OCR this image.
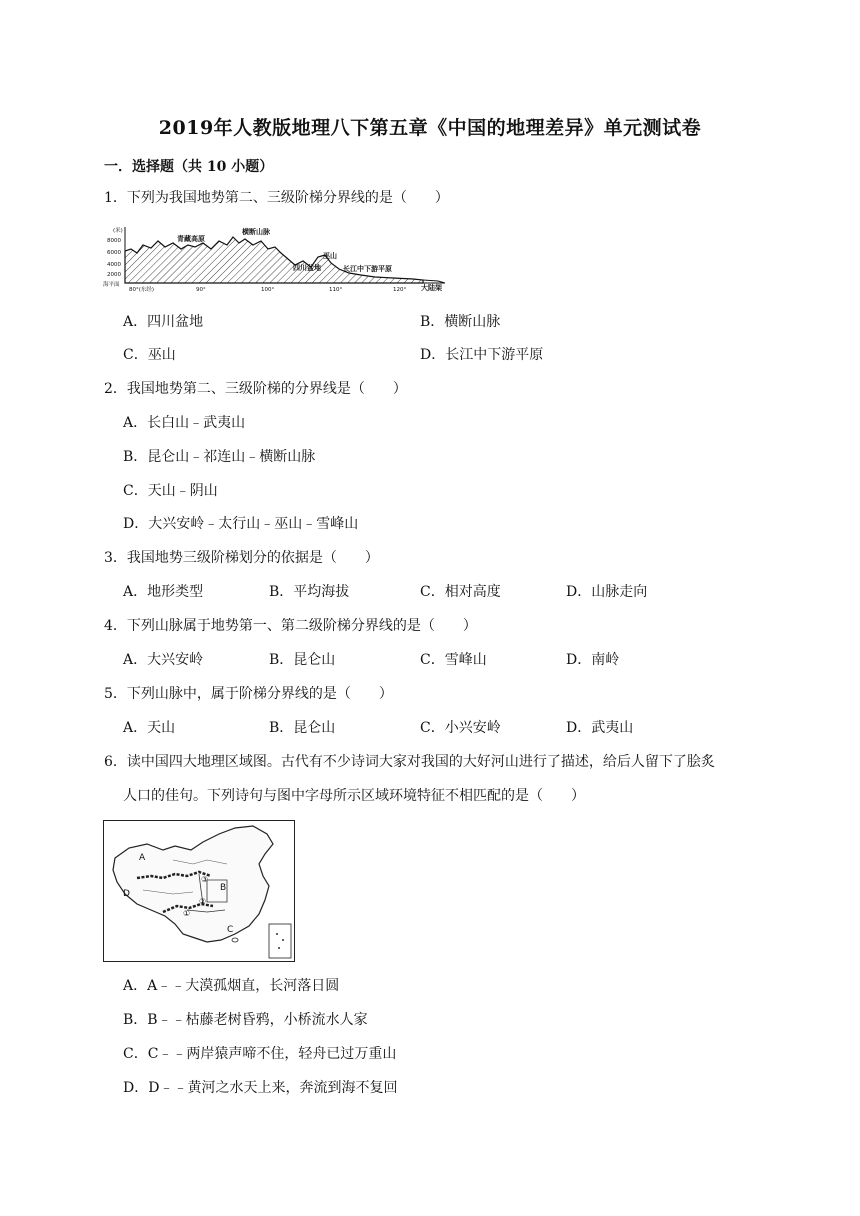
2019年人教版地理八下第五章《中国的地理差异》单元测试卷
一．选择题（共 10 小题）
1．下列为我国地势第二、三级阶梯分界线的是（　　）
(米)
8000
6000
4000
2000
海平面
80°(东经)	90°	100°	110°	120°
青藏高原
横断山脉
四川盆地
巫山
长江中下游平原
大陆架
A．四川盆地	B．横断山脉
C．巫山	D．长江中下游平原
2．我国地势第二、三级阶梯的分界线是（　　）
A．长白山﹣武夷山
B．昆仑山﹣祁连山﹣横断山脉
C．天山﹣阴山
D．大兴安岭﹣太行山﹣巫山﹣雪峰山
3．我国地势三级阶梯划分的依据是（　　）
A．地形类型	B．平均海拔	C．相对高度	D．山脉走向
4．下列山脉属于地势第一、第二级阶梯分界线的是（　　）
A．大兴安岭	B．昆仑山	C．雪峰山	D．南岭
5．下列山脉中，属于阶梯分界线的是（　　）
A．天山	B．昆仑山	C．小兴安岭	D．武夷山
6．读中国四大地理区域图。古代有不少诗词大家对我国的大好河山进行了描述，给后人留下了脍炙
人口的佳句。下列诗句与图中字母所示区域环境特征不相匹配的是（　　）
A
B
C
D
①
②
③
A．A﹣﹣大漠孤烟直，长河落日圆
B．B﹣﹣枯藤老树昏鸦，小桥流水人家
C．C﹣﹣两岸猿声啼不住，轻舟已过万重山
D．D﹣﹣黄河之水天上来，奔流到海不复回
